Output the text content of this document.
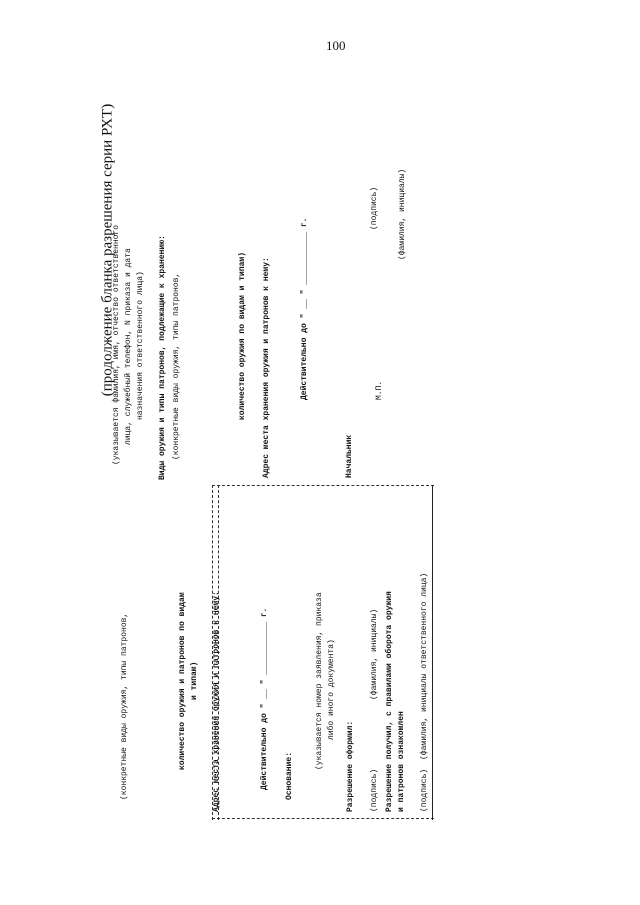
100
(продолжение бланка разрешения серии РХТ)
(конкретные виды оружия, типы патронов,	количество оружия и патронов по видам и типам) Адрес места хранения оружия и патронов к нему:	Действительно до " __ " ___________ г. Основание:
(указывается номер заявления, приказа либо иного документа)
Разрешение оформил: (подпись)
(фамилия, инициалы) Разрешение получил, с правилами оборота оружия и патронов ознакомлен (подпись)
(фамилия, инициалы ответственного лица)
(указывается фамилия, имя, отчество ответственного лица, служебный телефон, N приказа и дата назначения ответственного лица) Виды оружия и типы патронов, подлежащие к хранению: (конкретные виды оружия, типы патронов,	количество оружия по видам и типам) Адрес места хранения оружия и патронов к нему:	Действительно до " __ " ___________ г.
Начальник
М.П.
(подпись) (фамилия, инициалы)
